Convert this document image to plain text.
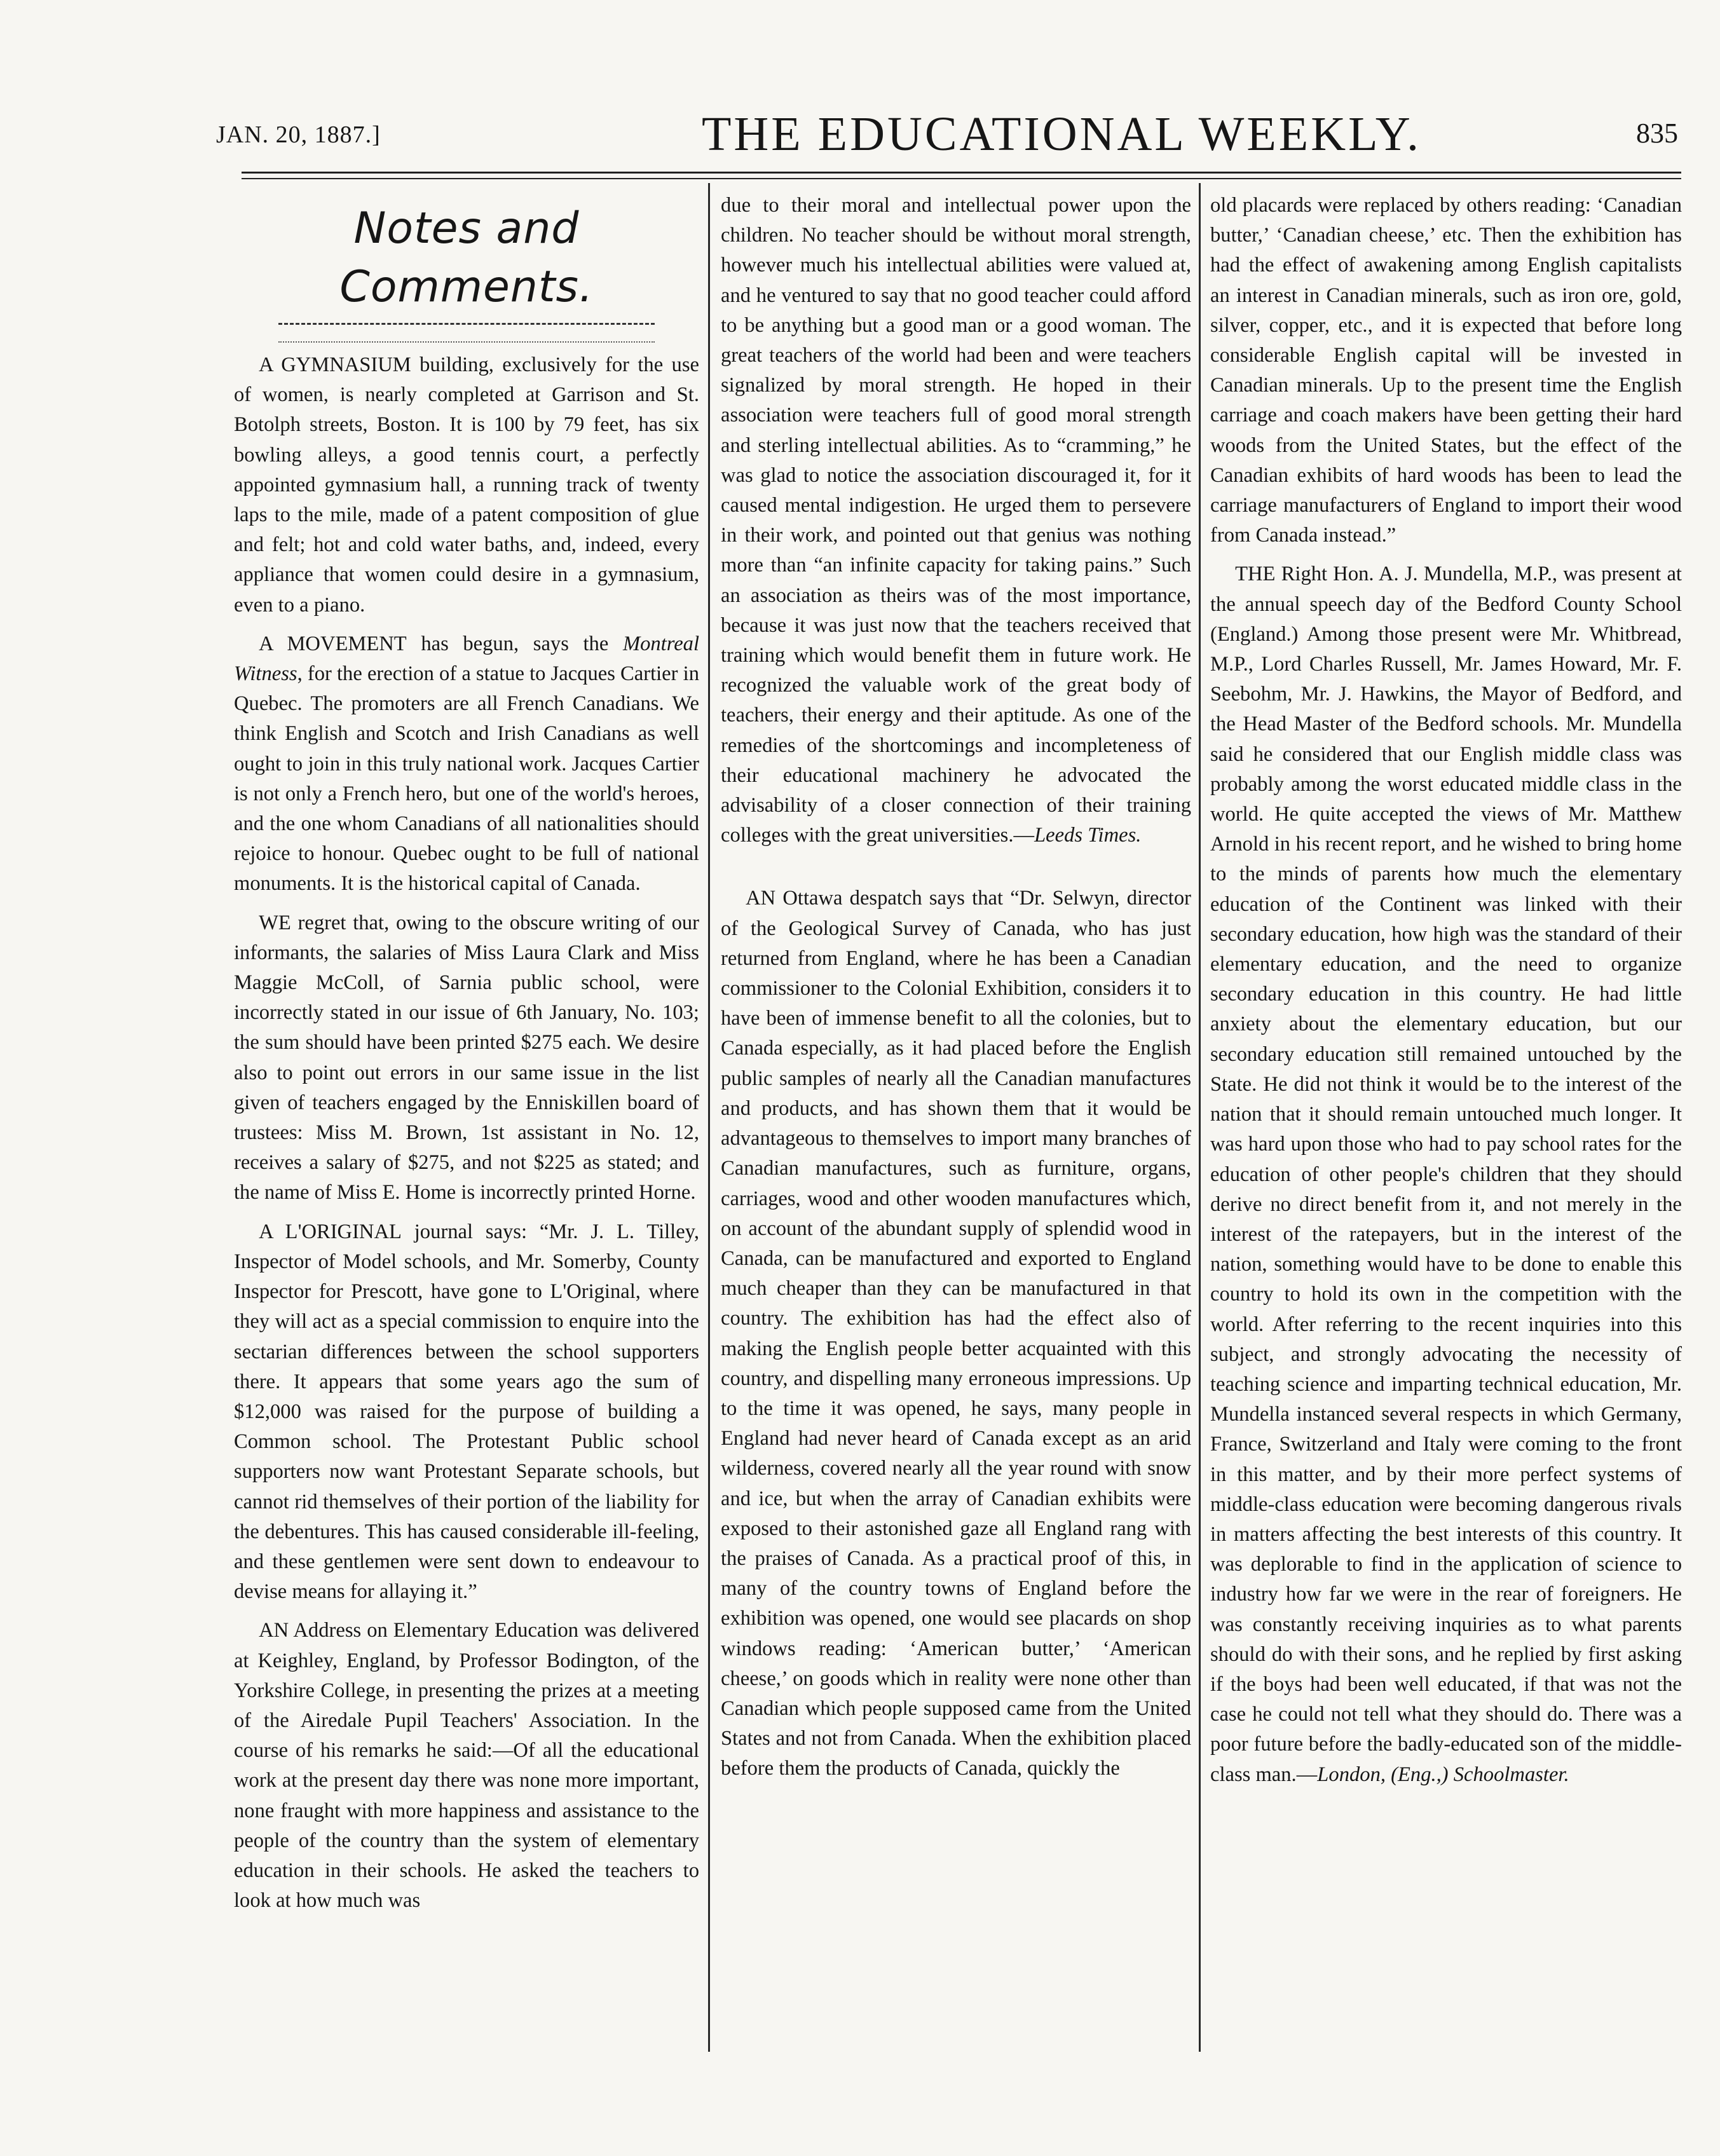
JAN. 20, 1887.]	THE EDUCATIONAL WEEKLY.	835
Notes and Comments.

A GYMNASIUM building, exclusively for the use of women, is nearly completed at Garrison and St. Botolph streets, Boston. It is 100 by 79 feet, has six bowling alleys, a good tennis court, a perfectly appointed gymnasium hall, a running track of twenty laps to the mile, made of a patent composition of glue and felt; hot and cold water baths, and, indeed, every appliance that women could desire in a gymnasium, even to a piano.

A MOVEMENT has begun, says the Montreal Witness, for the erection of a statue to Jacques Cartier in Quebec. The promoters are all French Canadians. We think English and Scotch and Irish Canadians as well ought to join in this truly national work. Jacques Cartier is not only a French hero, but one of the world's heroes, and the one whom Canadians of all nationalities should rejoice to honour. Quebec ought to be full of national monuments. It is the historical capital of Canada.

WE regret that, owing to the obscure writing of our informants, the salaries of Miss Laura Clark and Miss Maggie McColl, of Sarnia public school, were incorrectly stated in our issue of 6th January, No. 103; the sum should have been printed $275 each. We desire also to point out errors in our same issue in the list given of teachers engaged by the Enniskillen board of trustees: Miss M. Brown, 1st assistant in No. 12, receives a salary of $275, and not $225 as stated; and the name of Miss E. Home is incorrectly printed Horne.

A L'ORIGINAL journal says: “Mr. J. L. Tilley, Inspector of Model schools, and Mr. Somerby, County Inspector for Prescott, have gone to L'Original, where they will act as a special commission to enquire into the sectarian differences between the school supporters there. It appears that some years ago the sum of $12,000 was raised for the purpose of building a Common school. The Protestant Public school supporters now want Protestant Separate schools, but cannot rid themselves of their portion of the liability for the debentures. This has caused considerable ill-feeling, and these gentlemen were sent down to endeavour to devise means for allaying it.”

AN Address on Elementary Education was delivered at Keighley, England, by Professor Bodington, of the Yorkshire College, in presenting the prizes at a meeting of the Airedale Pupil Teachers' Association. In the course of his remarks he said:—Of all the educational work at the present day there was none more important, none fraught with more happiness and assistance to the people of the country than the system of elementary education in their schools. He asked the teachers to look at how much was

due to their moral and intellectual power upon the children. No teacher should be without moral strength, however much his intellectual abilities were valued at, and he ventured to say that no good teacher could afford to be anything but a good man or a good woman. The great teachers of the world had been and were teachers signalized by moral strength. He hoped in their association were teachers full of good moral strength and sterling intellectual abilities. As to “cramming,” he was glad to notice the association discouraged it, for it caused mental indigestion. He urged them to persevere in their work, and pointed out that genius was nothing more than “an infinite capacity for taking pains.” Such an association as theirs was of the most importance, because it was just now that the teachers received that training which would benefit them in future work. He recognized the valuable work of the great body of teachers, their energy and their aptitude. As one of the remedies of the shortcomings and incompleteness of their educational machinery he advocated the advisability of a closer connection of their training colleges with the great universities.—Leeds Times.

AN Ottawa despatch says that “Dr. Selwyn, director of the Geological Survey of Canada, who has just returned from England, where he has been a Canadian commissioner to the Colonial Exhibition, considers it to have been of immense benefit to all the colonies, but to Canada especially, as it had placed before the English public samples of nearly all the Canadian manufactures and products, and has shown them that it would be advantageous to themselves to import many branches of Canadian manufactures, such as furniture, organs, carriages, wood and other wooden manufactures which, on account of the abundant supply of splendid wood in Canada, can be manufactured and exported to England much cheaper than they can be manufactured in that country. The exhibition has had the effect also of making the English people better acquainted with this country, and dispelling many erroneous impressions. Up to the time it was opened, he says, many people in England had never heard of Canada except as an arid wilderness, covered nearly all the year round with snow and ice, but when the array of Canadian exhibits were exposed to their astonished gaze all England rang with the praises of Canada. As a practical proof of this, in many of the country towns of England before the exhibition was opened, one would see placards on shop windows reading: ‘American butter,’ ‘American cheese,’ on goods which in reality were none other than Canadian which people supposed came from the United States and not from Canada. When the exhibition placed before them the products of Canada, quickly the

old placards were replaced by others reading: ‘Canadian butter,’ ‘Canadian cheese,’ etc. Then the exhibition has had the effect of awakening among English capitalists an interest in Canadian minerals, such as iron ore, gold, silver, copper, etc., and it is expected that before long considerable English capital will be invested in Canadian minerals. Up to the present time the English carriage and coach makers have been getting their hard woods from the United States, but the effect of the Canadian exhibits of hard woods has been to lead the carriage manufacturers of England to import their wood from Canada instead.”

THE Right Hon. A. J. Mundella, M.P., was present at the annual speech day of the Bedford County School (England.) Among those present were Mr. Whitbread, M.P., Lord Charles Russell, Mr. James Howard, Mr. F. Seebohm, Mr. J. Hawkins, the Mayor of Bedford, and the Head Master of the Bedford schools. Mr. Mundella said he considered that our English middle class was probably among the worst educated middle class in the world. He quite accepted the views of Mr. Matthew Arnold in his recent report, and he wished to bring home to the minds of parents how much the elementary education of the Continent was linked with their secondary education, how high was the standard of their elementary education, and the need to organize secondary education in this country. He had little anxiety about the elementary education, but our secondary education still remained untouched by the State. He did not think it would be to the interest of the nation that it should remain untouched much longer. It was hard upon those who had to pay school rates for the education of other people's children that they should derive no direct benefit from it, and not merely in the interest of the ratepayers, but in the interest of the nation, something would have to be done to enable this country to hold its own in the competition with the world. After referring to the recent inquiries into this subject, and strongly advocating the necessity of teaching science and imparting technical education, Mr. Mundella instanced several respects in which Germany, France, Switzerland and Italy were coming to the front in this matter, and by their more perfect systems of middle-class education were becoming dangerous rivals in matters affecting the best interests of this country. It was deplorable to find in the application of science to industry how far we were in the rear of foreigners. He was constantly receiving inquiries as to what parents should do with their sons, and he replied by first asking if the boys had been well educated, if that was not the case he could not tell what they should do. There was a poor future before the badly-educated son of the middle-class man.—London, (Eng.,) Schoolmaster.
